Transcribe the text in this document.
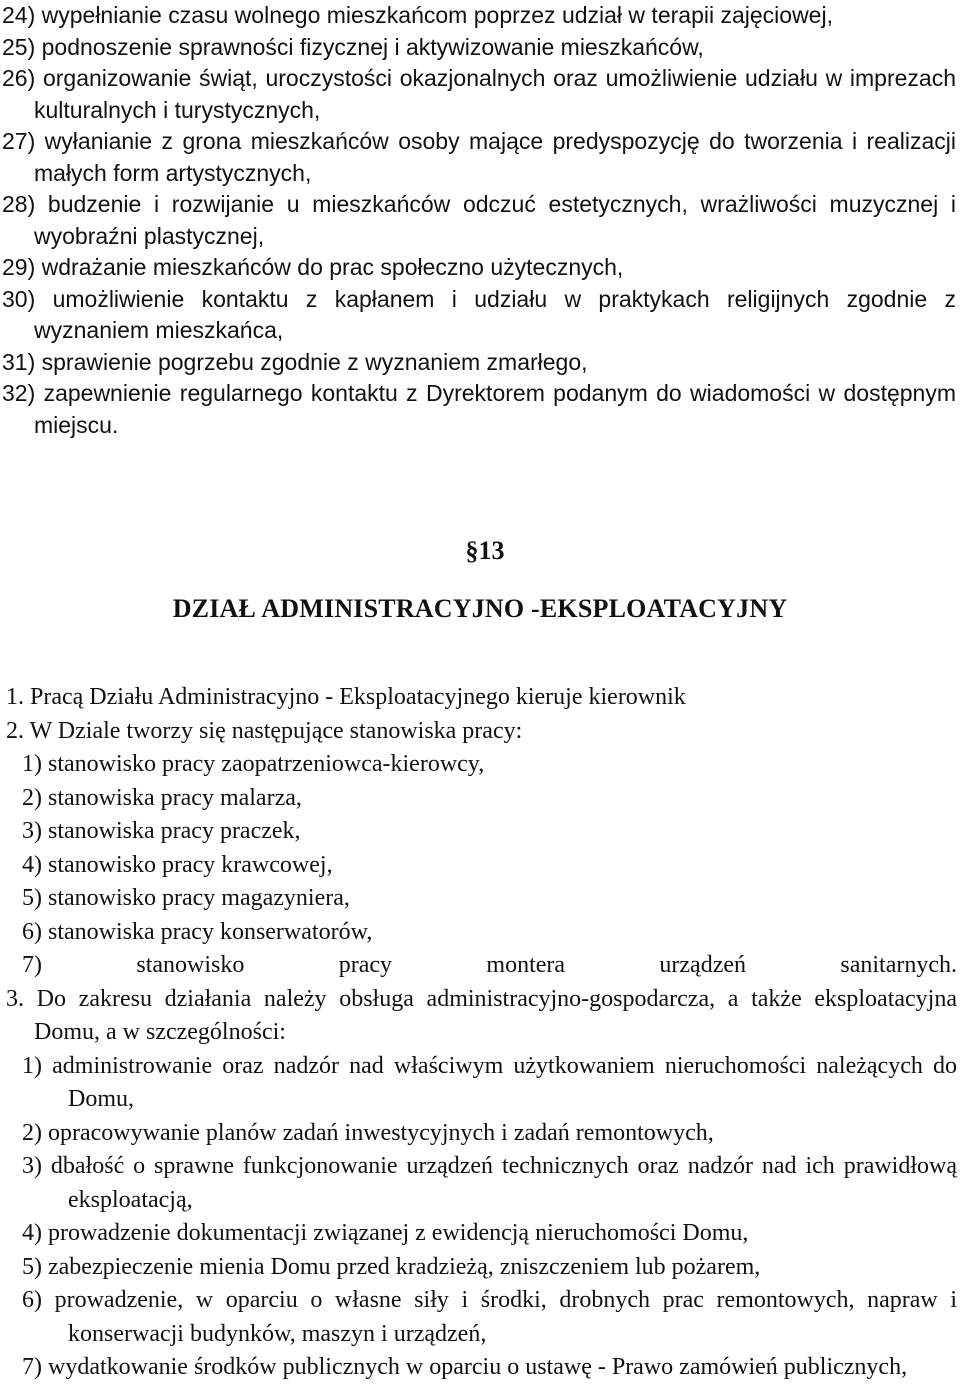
24) wypełnianie czasu wolnego mieszkańcom poprzez udział w terapii zajęciowej,
25) podnoszenie sprawności fizycznej i aktywizowanie mieszkańców,
26) organizowanie świąt, uroczystości okazjonalnych oraz umożliwienie udziału w imprezach kulturalnych i turystycznych,
27) wyłanianie z grona mieszkańców osoby mające predyspozycję do tworzenia i realizacji małych form artystycznych,
28) budzenie i rozwijanie u mieszkańców odczuć estetycznych, wrażliwości muzycznej i wyobraźni plastycznej,
29) wdrażanie mieszkańców do prac społeczno użytecznych,
30) umożliwienie kontaktu z kapłanem i udziału w praktykach religijnych zgodnie z wyznaniem mieszkańca,
31) sprawienie pogrzebu zgodnie z wyznaniem zmarłego,
32) zapewnienie regularnego kontaktu z Dyrektorem podanym do wiadomości w dostępnym miejscu.
§13
DZIAŁ ADMINISTRACYJNO -EKSPLOATACYJNY
1. Pracą Działu Administracyjno - Eksploatacyjnego kieruje kierownik
2. W Dziale tworzy się następujące stanowiska pracy:
1) stanowisko pracy zaopatrzeniowca-kierowcy,
2) stanowiska pracy malarza,
3) stanowiska pracy praczek,
4) stanowisko pracy krawcowej,
5) stanowisko pracy magazyniera,
6) stanowiska pracy konserwatorów,
7) stanowisko pracy montera urządzeń sanitarnych.
3. Do zakresu działania należy obsługa administracyjno-gospodarcza, a także eksploatacyjna Domu, a w szczególności:
1) administrowanie oraz nadzór nad właściwym użytkowaniem nieruchomości należących do Domu,
2) opracowywanie planów zadań inwestycyjnych i zadań remontowych,
3) dbałość o sprawne funkcjonowanie urządzeń technicznych oraz nadzór nad ich prawidłową eksploatacją,
4) prowadzenie dokumentacji związanej z ewidencją nieruchomości Domu,
5) zabezpieczenie mienia Domu przed kradzieżą, zniszczeniem lub pożarem,
6) prowadzenie, w oparciu o własne siły i środki, drobnych prac remontowych, napraw i konserwacji budynków, maszyn i urządzeń,
7) wydatkowanie środków publicznych w oparciu o ustawę - Prawo zamówień publicznych,
